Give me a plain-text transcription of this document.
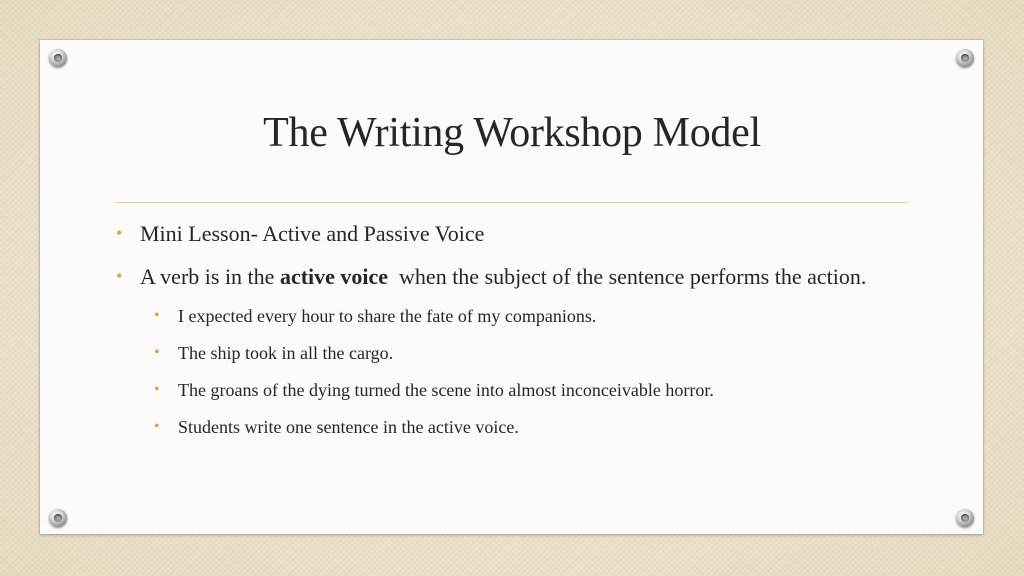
The Writing Workshop Model
• Mini Lesson- Active and Passive Voice
• A verb is in the active voice  when the subject of the sentence performs the action.
• I expected every hour to share the fate of my companions.
• The ship took in all the cargo.
• The groans of the dying turned the scene into almost inconceivable horror.
• Students write one sentence in the active voice.
